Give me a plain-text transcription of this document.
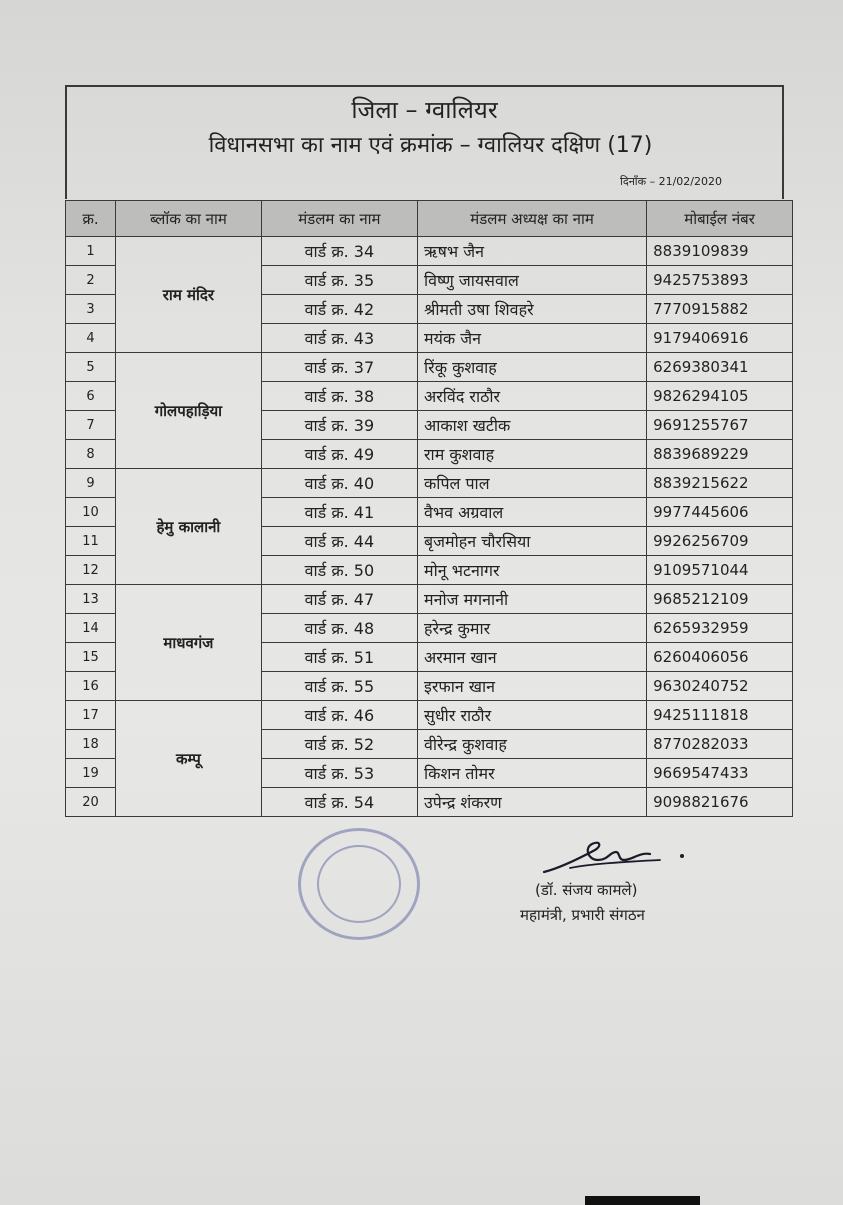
जिला – ग्वालियर
विधानसभा का नाम एवं क्रमांक – ग्वालियर दक्षिण (17)
दिनाँक – 21/02/2020
क्र.	ब्लॉक का नाम	मंडलम का नाम	मंडलम अध्यक्ष का नाम	मोबाईल नंबर
1	राम मंदिर	वार्ड क्र. 34	ऋषभ जैन	8839109839
2		वार्ड क्र. 35	विष्णु जायसवाल	9425753893
3		वार्ड क्र. 42	श्रीमती उषा शिवहरे	7770915882
4		वार्ड क्र. 43	मयंक जैन	9179406916
5	गोलपहाड़िया	वार्ड क्र. 37	रिंकू कुशवाह	6269380341
6		वार्ड क्र. 38	अरविंद राठौर	9826294105
7		वार्ड क्र. 39	आकाश खटीक	9691255767
8		वार्ड क्र. 49	राम कुशवाह	8839689229
9	हेमु कालानी	वार्ड क्र. 40	कपिल पाल	8839215622
10		वार्ड क्र. 41	वैभव अग्रवाल	9977445606
11		वार्ड क्र. 44	बृजमोहन चौरसिया	9926256709
12		वार्ड क्र. 50	मोनू भटनागर	9109571044
13	माधवगंज	वार्ड क्र. 47	मनोज मगनानी	9685212109
14		वार्ड क्र. 48	हरेन्द्र कुमार	6265932959
15		वार्ड क्र. 51	अरमान खान	6260406056
16		वार्ड क्र. 55	इरफान खान	9630240752
17	कम्पू	वार्ड क्र. 46	सुधीर राठौर	9425111818
18		वार्ड क्र. 52	वीरेन्द्र कुशवाह	8770282033
19		वार्ड क्र. 53	किशन तोमर	9669547433
20		वार्ड क्र. 54	उपेन्द्र शंकरण	9098821676
(डॉ. संजय कामले)
महामंत्री, प्रभारी संगठन
